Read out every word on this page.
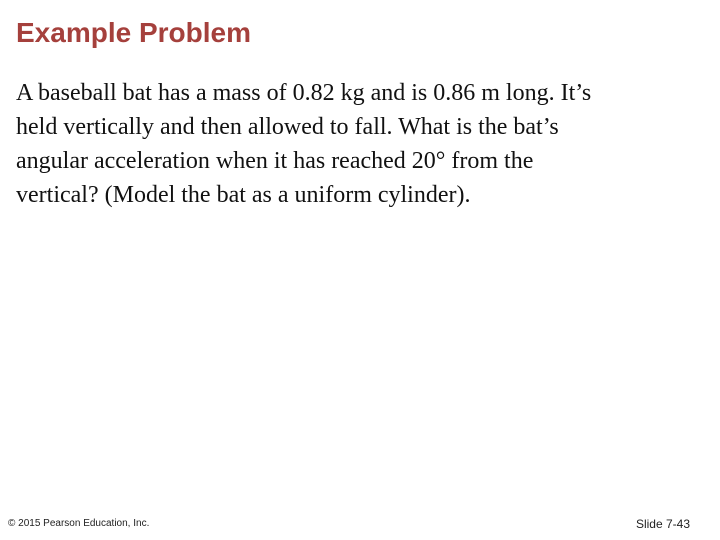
Example Problem
A baseball bat has a mass of 0.82 kg and is 0.86 m long. It’s
held vertically and then allowed to fall. What is the bat’s
angular acceleration when it has reached 20° from the
vertical? (Model the bat as a uniform cylinder).
© 2015 Pearson Education, Inc.	Slide 7-43
